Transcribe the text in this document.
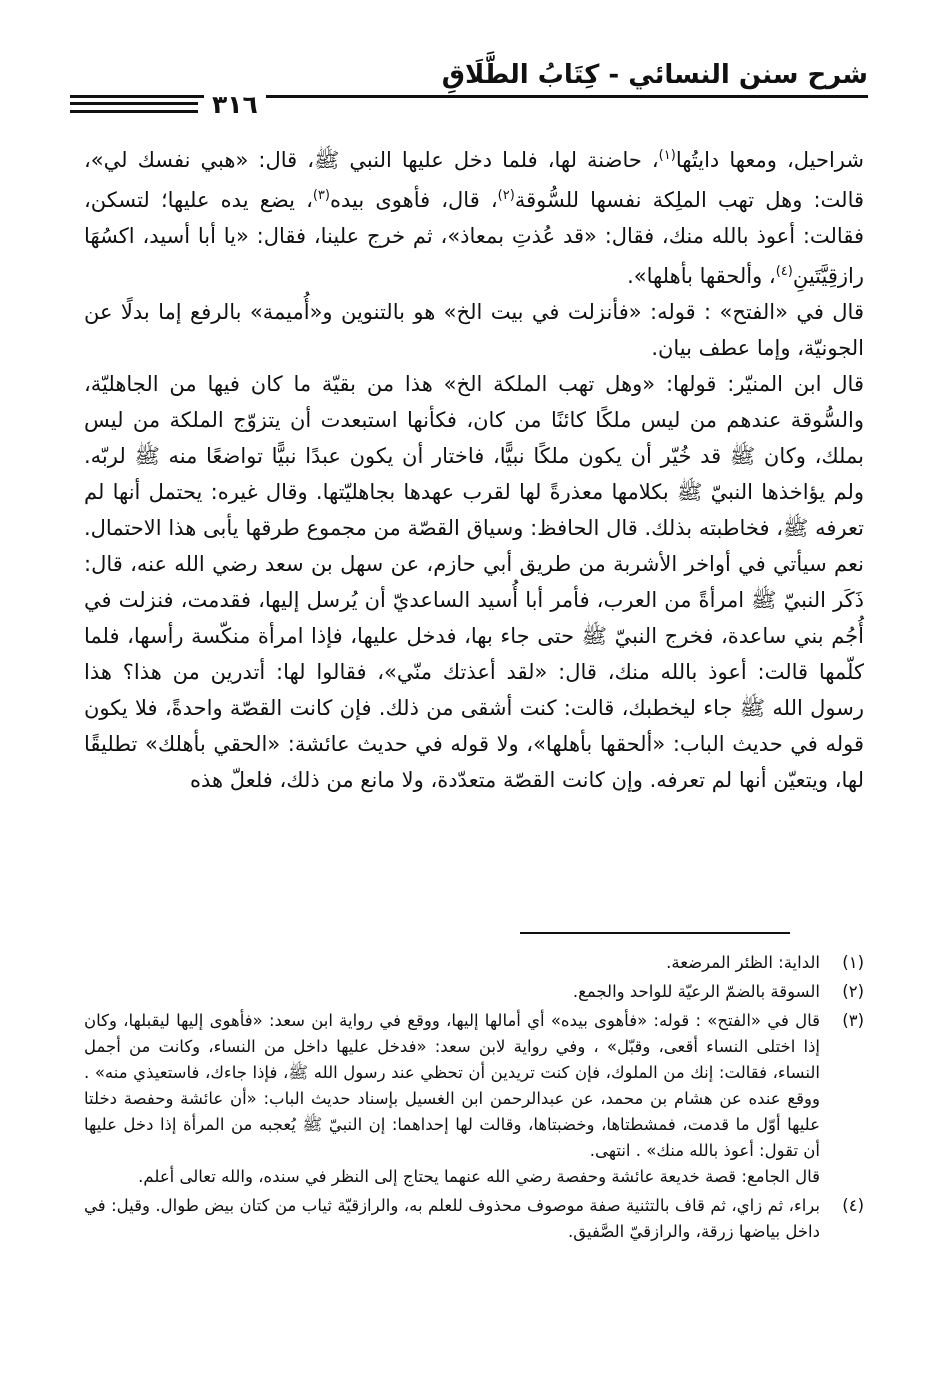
شرح سنن النسائي - كِتَابُ الطَّلَاقِ
٣١٦

شراحيل، ومعها دايتُها$^{(١)}$، حاضنة لها، فلما دخل عليها النبي ﷺ، قال: «هبي نفسك لي»، قالت: وهل تهب الملِكة نفسها للسُّوقة$^{(٢)}$، قال، فأهوى بيده$^{(٣)}$، يضع يده عليها؛ لتسكن، فقالت: أعوذ بالله منك، فقال: «قد عُذتِ بمعاذ»، ثم خرج علينا، فقال: «يا أبا أسيد، اكسُهَا رازقِيَّتَينِ$^{(٤)}$، وألحقها بأهلها».

قال في «الفتح» : قوله: «فأنزلت في بيت الخ» هو بالتنوين و«أُميمة» بالرفع إما بدلًا عن الجونيّة، وإما عطف بيان.

قال ابن المنيّر: قولها: «وهل تهب الملكة الخ» هذا من بقيّة ما كان فيها من الجاهليّة، والسُّوقة عندهم من ليس ملكًا كائنًا من كان، فكأنها استبعدت أن يتزوّج الملكة من ليس بملك، وكان ﷺ قد خُيّر أن يكون ملكًا نبيًّا، فاختار أن يكون عبدًا نبيًّا تواضعًا منه ﷺ لربّه. ولم يؤاخذها النبيّ ﷺ بكلامها معذرةً لها لقرب عهدها بجاهليّتها. وقال غيره: يحتمل أنها لم تعرفه ﷺ، فخاطبته بذلك. قال الحافظ: وسياق القصّة من مجموع طرقها يأبى هذا الاحتمال. نعم سيأتي في أواخر الأشربة من طريق أبي حازم، عن سهل بن سعد رضي الله عنه، قال: ذَكَر النبيّ ﷺ امرأةً من العرب، فأمر أبا أُسيد الساعديّ أن يُرسل إليها، فقدمت، فنزلت في أُجُم بني ساعدة، فخرج النبيّ ﷺ حتى جاء بها، فدخل عليها، فإذا امرأة منكّسة رأسها، فلما كلّمها قالت: أعوذ بالله منك، قال: «لقد أعذتك منّي»، فقالوا لها: أتدرين من هذا؟ هذا رسول الله ﷺ جاء ليخطبك، قالت: كنت أشقى من ذلك. فإن كانت القصّة واحدةً، فلا يكون قوله في حديث الباب: «ألحقها بأهلها»، ولا قوله في حديث عائشة: «الحقي بأهلك» تطليقًا لها، ويتعيّن أنها لم تعرفه. وإن كانت القصّة متعدّدة، ولا مانع من ذلك، فلعلّ هذه

(١)

الداية: الظئر المرضعة.

(٢)

السوقة بالضمّ الرعيّة للواحد والجمع.

(٣)

قال في «الفتح» : قوله: «فأهوى بيده» أي أمالها إليها، ووقع في رواية ابن سعد: «فأهوى إليها ليقبلها، وكان إذا اختلى النساء أقعى، وقبّل» ، وفي رواية لابن سعد: «فدخل عليها داخل من النساء، وكانت من أجمل النساء، فقالت: إنك من الملوك، فإن كنت تريدين أن تحظي عند رسول الله ﷺ، فإذا جاءك، فاستعيذي منه» . ووقع عنده عن هشام بن محمد، عن عبدالرحمن ابن الغسيل بإسناد حديث الباب: «أن عائشة وحفصة دخلتا عليها أوّل ما قدمت، فمشطتاها، وخضبتاها، وقالت لها إحداهما: إن النبيّ ﷺ يُعجبه من المرأة إذا دخل عليها أن تقول: أعوذ بالله منك» . انتهى.

قال الجامع: قصة خديعة عائشة وحفصة رضي الله عنهما يحتاج إلى النظر في سنده، والله تعالى أعلم.

(٤)

براء، ثم زاي، ثم قاف بالتثنية صفة موصوف محذوف للعلم به، والرازقيّة ثياب من كتان بيض طوال. وقيل: في داخل بياضها زرقة، والرازقيّ الصَّفيق.
